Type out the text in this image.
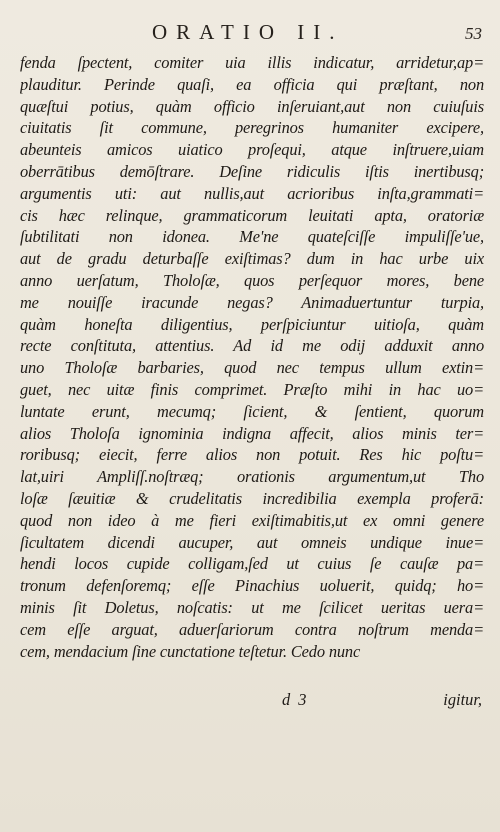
ORATIO II.	53
fenda ſpectent, comiter uia illis indicatur, arridetur,ap=
plauditur. Perinde quaſi, ea officia qui præſtant, non
quæſtui potius, quàm officio inſeruiant,aut non cuiuſuis
ciuitatis ſit commune, peregrinos humaniter excipere,
abeunteis amicos uiatico proſequi, atque inſtruere,uiam
oberrātibus demōſtrare. Deſine ridiculis iſtis inertibusq;
argumentis uti: aut nullis,aut acrioribus inſta,grammati=
cis hæc relinque, grammaticorum leuitati apta, oratoriæ
ſubtilitati non idonea. Me'ne quateſciſſe impuliſſe'ue,
aut de gradu deturbaſſe exiſtimas? dum in hac urbe uix
anno uerſatum, Tholoſæ, quos perſequor mores, bene
me nouiſſe iracunde negas? Animaduertuntur turpia,
quàm honeſta diligentius, perſpiciuntur uitioſa, quàm
recte conſtituta, attentius. Ad id me odij adduxit anno
uno Tholoſæ barbaries, quod nec tempus ullum extin=
guet, nec uitæ finis comprimet. Præſto mihi in hac uo=
luntate erunt, mecumq; ſicient, & ſentient, quorum
alios Tholoſa ignominia indigna affecit, alios minis ter=
roribusq; eiecit, ferre alios non potuit. Res hic poſtu=
lat,uiri Ampliſſ.noſtræq; orationis argumentum,ut Tho
loſæ ſæuitiæ & crudelitatis incredibilia exempla proferā:
quod non ideo à me fieri exiſtimabitis,ut ex omni genere
ſicultatem dicendi aucuper, aut omneis undique inue=
hendi locos cupide colligam,ſed ut cuius ſe cauſæ pa=
tronum defenſoremq; eſſe Pinachius uoluerit, quidq; ho=
minis ſit Doletus, noſcatis: ut me ſcilicet ueritas uera=
cem eſſe arguat, aduerſariorum contra noſtrum menda=
cem, mendacium ſine cunctatione teſtetur. Cedo nunc
d 3	igitur,
